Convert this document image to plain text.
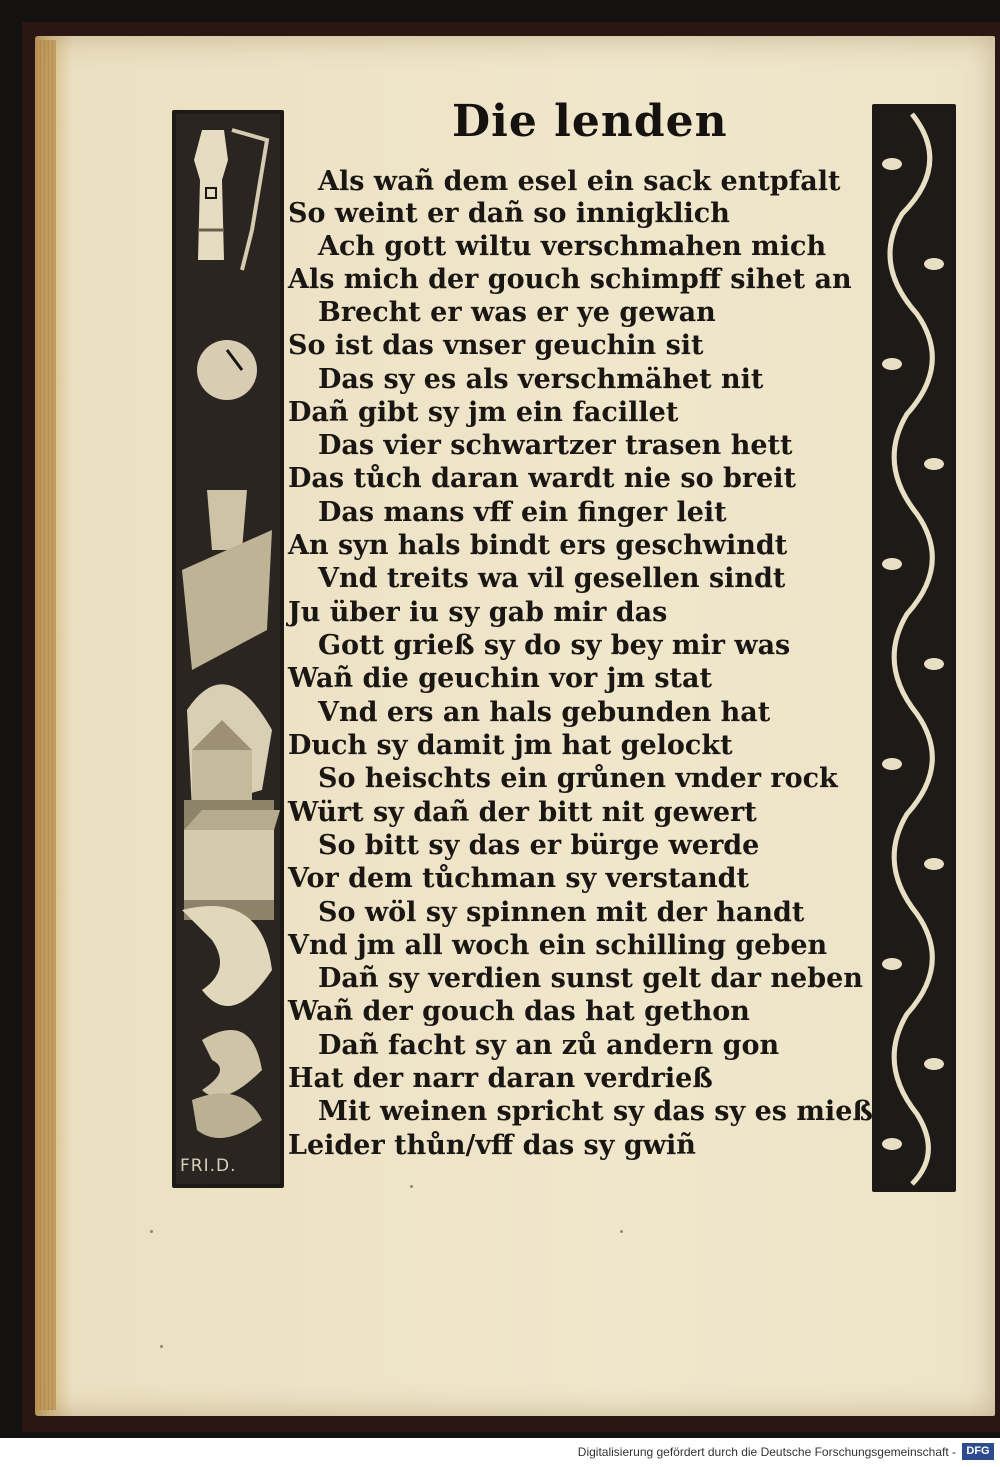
Die lenden
FRI.D.
Als wañ dem esel ein sack entpfalt
So weint er dañ so innigklich
Ach gott wiltu verschmahen mich
Als mich der gouch schimpff sihet an
Brecht er was er ye gewan
So ist das vnser geuchin sit
Das sy es als verschmähet nit
Dañ gibt sy jm ein facillet
Das vier schwartzer trasen hett
Das tůch daran wardt nie so breit
Das mans vff ein finger leit
An syn hals bindt ers geschwindt
Vnd treits wa vil gesellen sindt
Ju über iu sy gab mir das
Gott grieß sy do sy bey mir was
Wañ die geuchin vor jm stat
Vnd ers an hals gebunden hat
Duch sy damit jm hat gelockt
So heischts ein grůnen vnder rock
Würt sy dañ der bitt nit gewert
So bitt sy das er bürge werde
Vor dem tůchman sy verstandt
So wöl sy spinnen mit der handt
Vnd jm all woch ein schilling geben
Dañ sy verdien sunst gelt dar neben
Wañ der gouch das hat gethon
Dañ facht sy an zů andern gon
Hat der narr daran verdrieß
Mit weinen spricht sy das sy es mieß
Leider thůn/vff das sy gwiñ
Digitalisierung gefördert durch die Deutsche Forschungsgemeinschaft - DFG
